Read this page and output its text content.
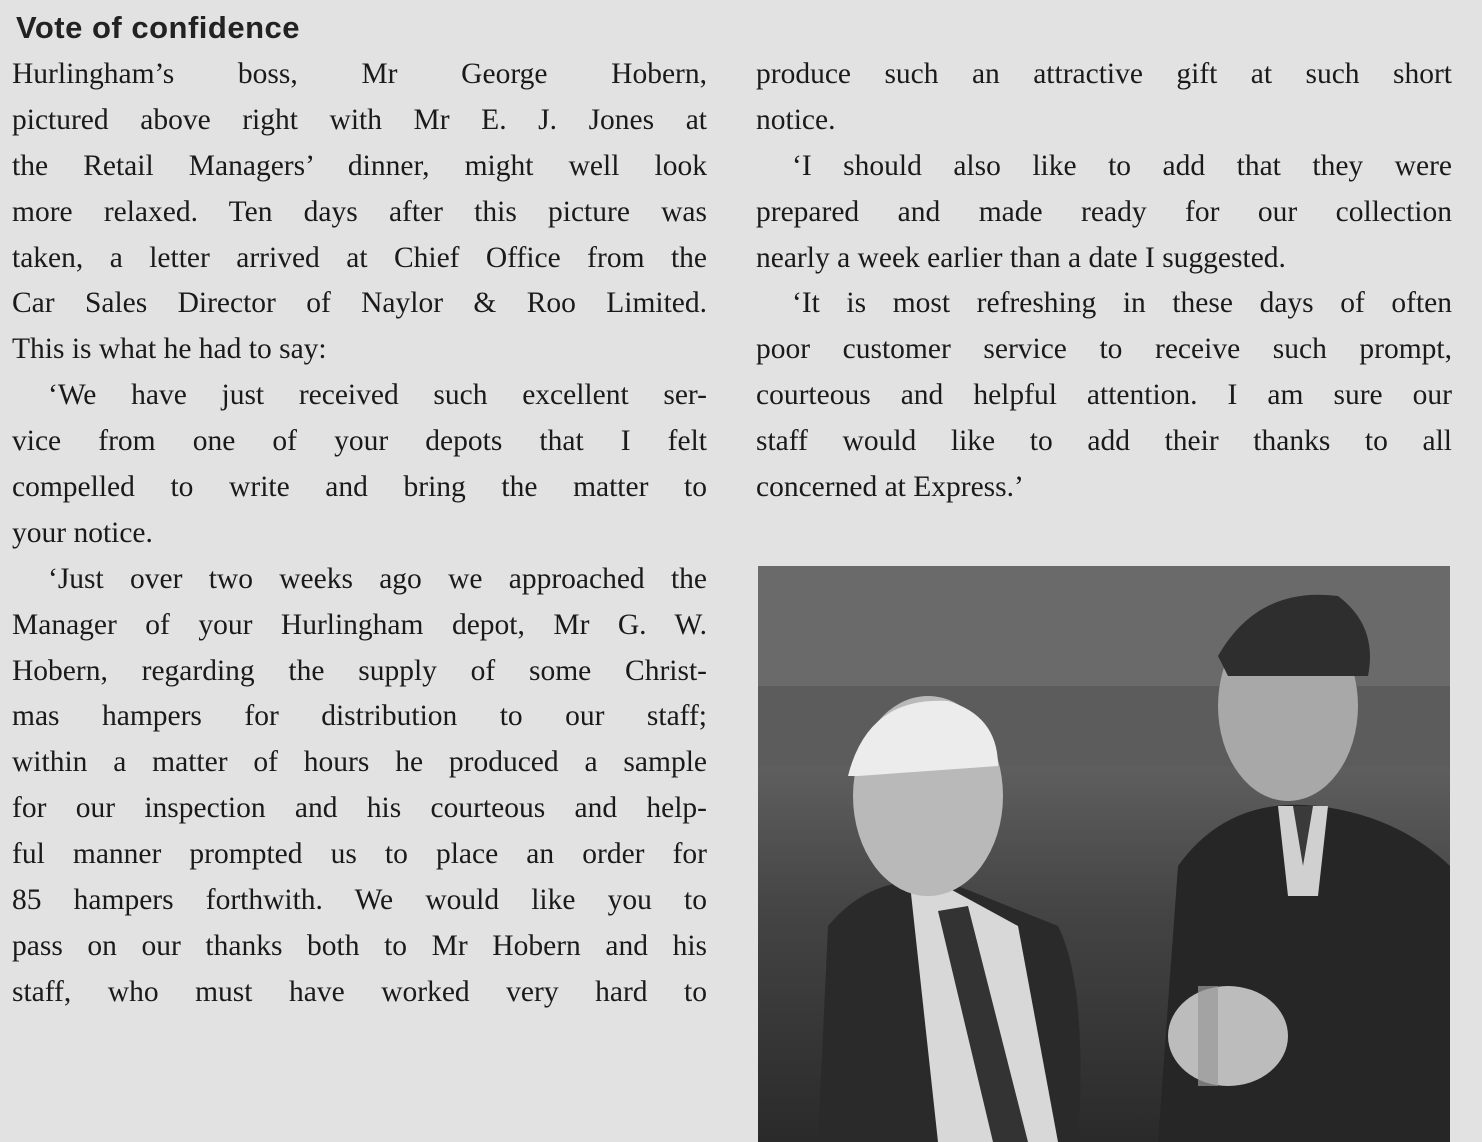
Vote of confidence
Hurlingham’s boss, Mr George Hobern,
pictured above right with Mr E. J. Jones at
the Retail Managers’ dinner, might well look
more relaxed. Ten days after this picture was
taken, a letter arrived at Chief Office from the
Car Sales Director of Naylor & Roo Limited.
This is what he had to say:
‘We have just received such excellent ser-
vice from one of your depots that I felt
compelled to write and bring the matter to
your notice.
‘Just over two weeks ago we approached the
Manager of your Hurlingham depot, Mr G. W.
Hobern, regarding the supply of some Christ-
mas hampers for distribution to our staff;
within a matter of hours he produced a sample
for our inspection and his courteous and help-
ful manner prompted us to place an order for
85 hampers forthwith. We would like you to
pass on our thanks both to Mr Hobern and his
staff, who must have worked very hard to
produce such an attractive gift at such short
notice.
‘I should also like to add that they were
prepared and made ready for our collection
nearly a week earlier than a date I suggested.
‘It is most refreshing in these days of often
poor customer service to receive such prompt,
courteous and helpful attention. I am sure our
staff would like to add their thanks to all
concerned at Express.’
